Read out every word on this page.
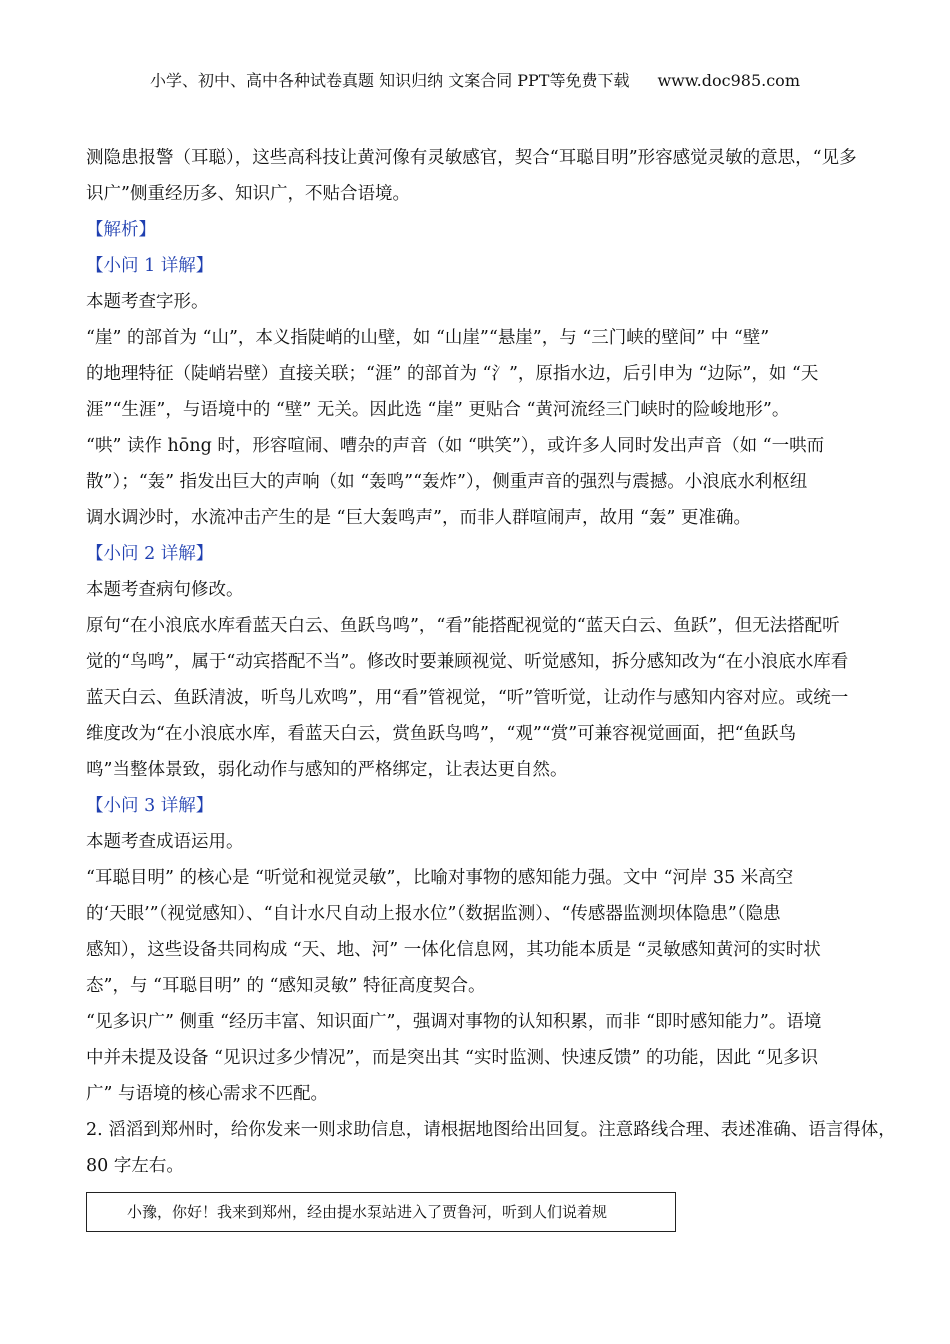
小学、初中、高中各种试卷真题 知识归纳 文案合同 PPT等免费下载 www.doc985.com

测隐患报警（耳聪），这些高科技让黄河像有灵敏感官，契合“耳聪目明”形容感觉灵敏的意思，“见多

识广”侧重经历多、知识广，不贴合语境。

【解析】

【小问 1 详解】

本题考查字形。

“崖” 的部首为 “山”，本义指陡峭的山壁，如 “山崖”“悬崖”，与 “三门峡的壁间” 中 “壁”

的地理特征（陡峭岩壁）直接关联；“涯” 的部首为 “氵”，原指水边，后引申为 “边际”，如 “天

涯”“生涯”，与语境中的 “壁” 无关。因此选 “崖” 更贴合 “黄河流经三门峡时的险峻地形”。

“哄” 读作 hōng 时，形容喧闹、嘈杂的声音（如 “哄笑”），或许多人同时发出声音（如 “一哄而

散”）；“轰” 指发出巨大的声响（如 “轰鸣”“轰炸”），侧重声音的强烈与震撼。小浪底水利枢纽

调水调沙时，水流冲击产生的是 “巨大轰鸣声”，而非人群喧闹声，故用 “轰” 更准确。

【小问 2 详解】

本题考查病句修改。

原句“在小浪底水库看蓝天白云、鱼跃鸟鸣”，“看”能搭配视觉的“蓝天白云、鱼跃”，但无法搭配听

觉的“鸟鸣”，属于“动宾搭配不当”。修改时要兼顾视觉、听觉感知，拆分感知改为“在小浪底水库看

蓝天白云、鱼跃清波，听鸟儿欢鸣”，用“看”管视觉，“听”管听觉，让动作与感知内容对应。或统一

维度改为“在小浪底水库，看蓝天白云，赏鱼跃鸟鸣”，“观”“赏”可兼容视觉画面，把“鱼跃鸟

鸣”当整体景致，弱化动作与感知的严格绑定，让表达更自然。

【小问 3 详解】

本题考查成语运用。

“耳聪目明” 的核心是 “听觉和视觉灵敏”，比喻对事物的感知能力强。文中 “河岸 35 米高空

的‘天眼’”（视觉感知）、“自计水尺自动上报水位”（数据监测）、“传感器监测坝体隐患”（隐患

感知），这些设备共同构成 “天、地、河” 一体化信息网，其功能本质是 “灵敏感知黄河的实时状

态”，与 “耳聪目明” 的 “感知灵敏” 特征高度契合。

“见多识广” 侧重 “经历丰富、知识面广”，强调对事物的认知积累，而非 “即时感知能力”。语境

中并未提及设备 “见识过多少情况”，而是突出其 “实时监测、快速反馈” 的功能，因此 “见多识

广” 与语境的核心需求不匹配。

2. 滔滔到郑州时，给你发来一则求助信息，请根据地图给出回复。注意路线合理、表述准确、语言得体，

80 字左右。

小豫，你好！我来到郑州，经由提水泵站进入了贾鲁河，听到人们说着规
